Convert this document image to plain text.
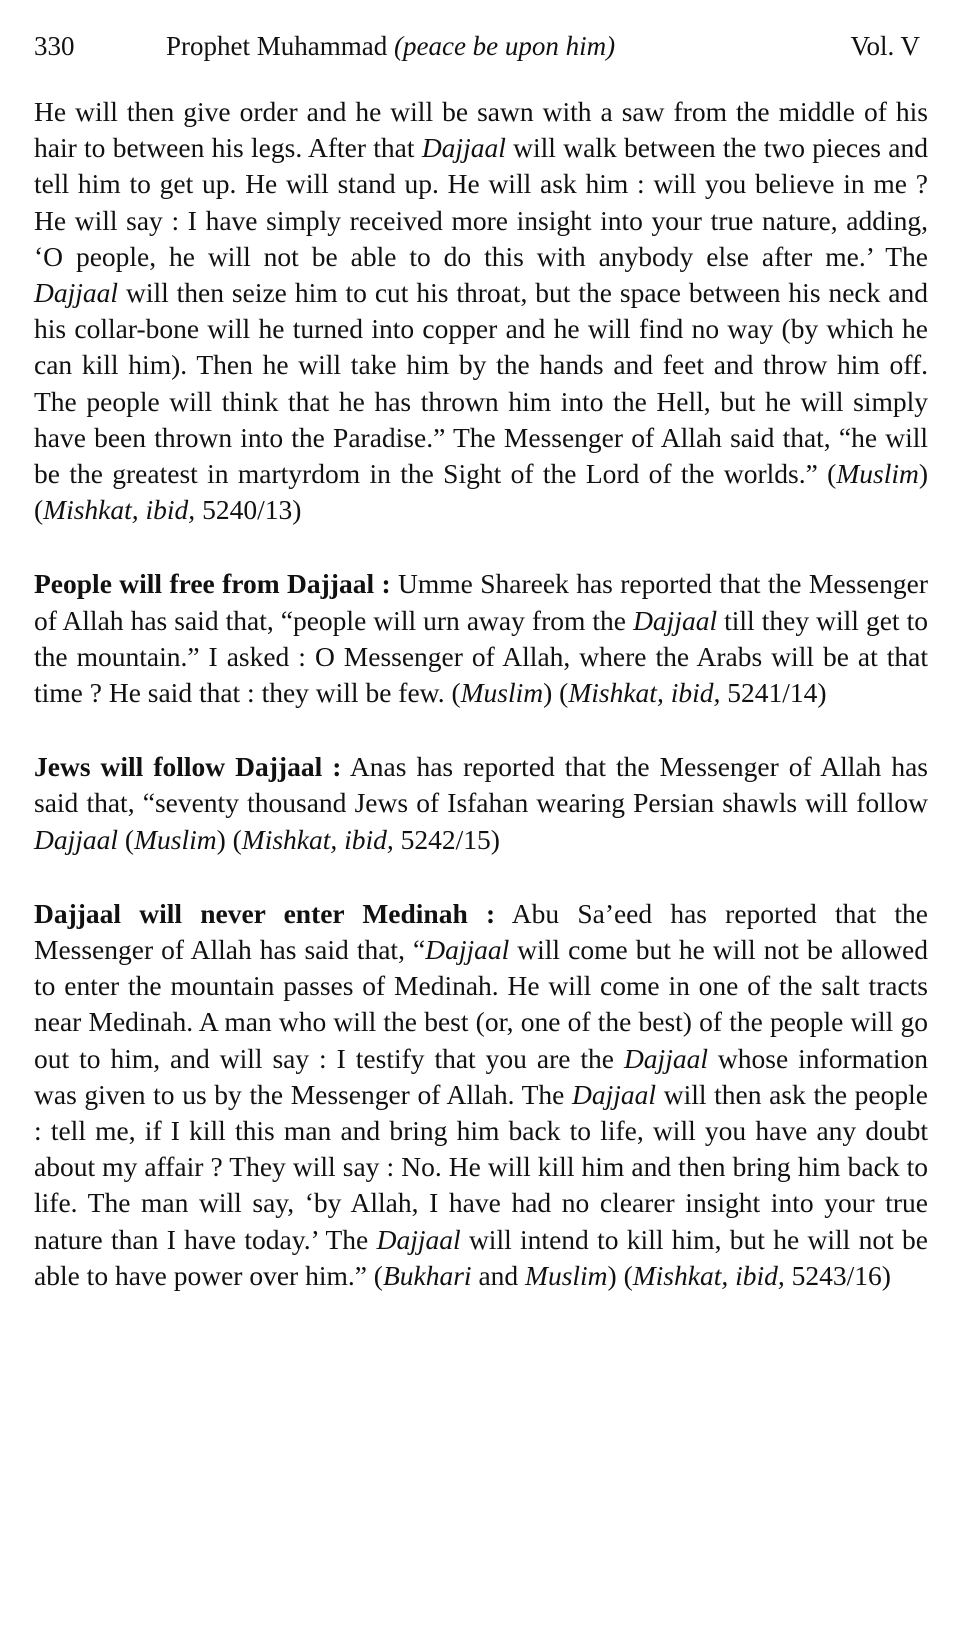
330	Prophet Muhammad (peace be upon him)	Vol. V

He will then give order and he will be sawn with a saw from the middle of his hair to between his legs. After that Dajjaal will walk between the two pieces and tell him to get up. He will stand up. He will ask him : will you believe in me ? He will say : I have simply received more insight into your true nature, adding, ‘O people, he will not be able to do this with anybody else after me.’ The Dajjaal will then seize him to cut his throat, but the space between his neck and his collar-bone will he turned into copper and he will find no way (by which he can kill him). Then he will take him by the hands and feet and throw him off. The people will think that he has thrown him into the Hell, but he will simply have been thrown into the Paradise.” The Messenger of Allah said that, “he will be the greatest in martyrdom in the Sight of the Lord of the worlds.” (Muslim) (Mishkat, ibid, 5240/13)

People will free from Dajjaal : Umme Shareek has reported that the Messenger of Allah has said that, “people will urn away from the Dajjaal till they will get to the mountain.” I asked : O Messenger of Allah, where the Arabs will be at that time ? He said that : they will be few. (Muslim) (Mishkat, ibid, 5241/14)

Jews will follow Dajjaal : Anas has reported that the Messenger of Allah has said that, “seventy thousand Jews of Isfahan wearing Persian shawls will follow Dajjaal (Muslim) (Mishkat, ibid, 5242/15)

Dajjaal will never enter Medinah : Abu Sa’eed has reported that the Messenger of Allah has said that, “Dajjaal will come but he will not be allowed to enter the mountain passes of Medinah. He will come in one of the salt tracts near Medinah. A man who will the best (or, one of the best) of the people will go out to him, and will say : I testify that you are the Dajjaal whose information was given to us by the Messenger of Allah. The Dajjaal will then ask the people : tell me, if I kill this man and bring him back to life, will you have any doubt about my affair ? They will say : No. He will kill him and then bring him back to life. The man will say, ‘by Allah, I have had no clearer insight into your true nature than I have today.’ The Dajjaal will intend to kill him, but he will not be able to have power over him.” (Bukhari and Muslim) (Mishkat, ibid, 5243/16)
